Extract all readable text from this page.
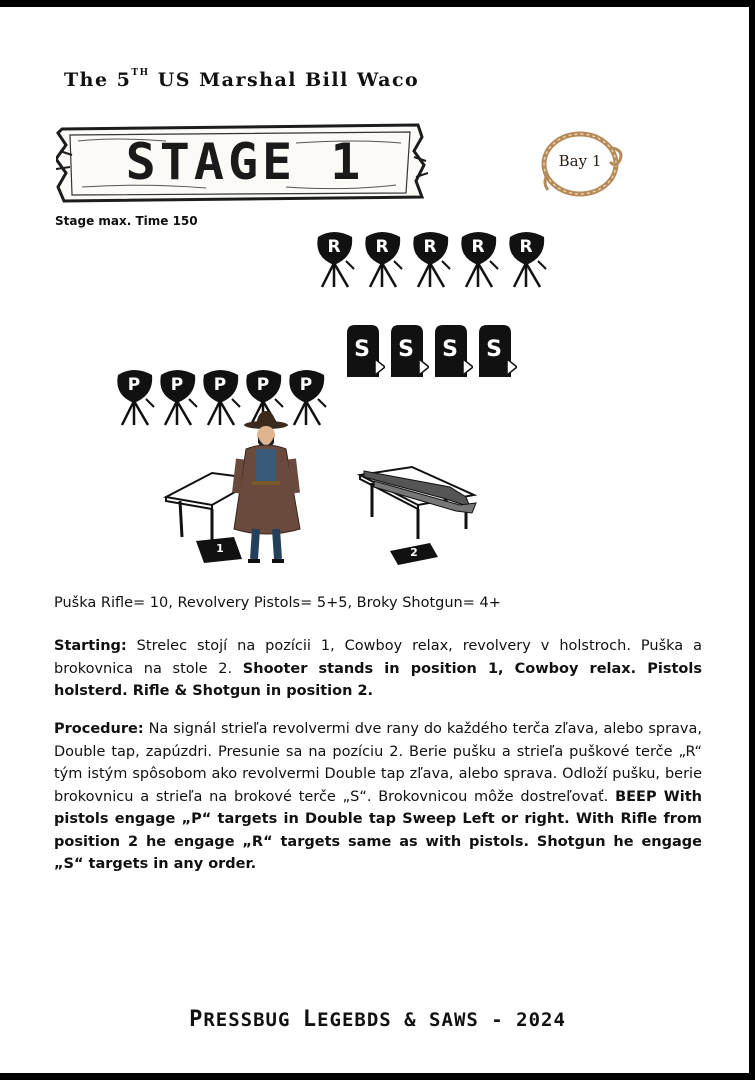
The 5TH US Marshal Bill Waco
STAGE 1	Bay 1
Stage max. Time 150
R	R	R	R	R
S	S	S	S
P	P	P	P	P
1	2
Puška Rifle= 10, Revolvery Pistols= 5+5, Broky Shotgun= 4+
Starting: Strelec stojí na pozícii 1, Cowboy relax, revolvery v holstroch. Puška a brokovnica na stole 2. Shooter stands in position 1, Cowboy relax. Pistols holsterd. Rifle & Shotgun in position 2.
Procedure: Na signál strieľa revolvermi dve rany do každého terča zľava, alebo sprava, Double tap, zapúzdri. Presunie sa na pozíciu 2. Berie pušku a strieľa puškové terče „R“ tým istým spôsobom ako revolvermi Double tap zľava, alebo sprava. Odloží pušku, berie brokovnicu a strieľa na brokové terče „S“. Brokovnicou môže dostreľovať. BEEP With pistols engage „P“ targets in Double tap Sweep Left or right. With Rifle from position 2 he engage „R“ targets same as with pistols. Shotgun he engage „S“ targets in any order.
PRESSBUG LEGEBDS & SAWS - 2024
